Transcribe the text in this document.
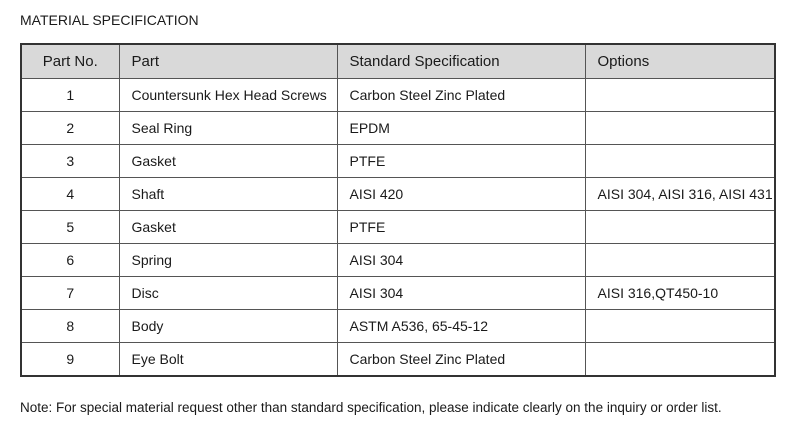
MATERIAL SPECIFICATION
Part No.	Part	Standard Specification	Options
1	Countersunk Hex Head Screws	Carbon Steel Zinc Plated	
2	Seal Ring	EPDM	
3	Gasket	PTFE	
4	Shaft	AISI 420	AISI 304, AISI 316, AISI 431
5	Gasket	PTFE	
6	Spring	AISI 304	
7	Disc	AISI 304	AISI 316,QT450-10
8	Body	ASTM A536, 65-45-12	
9	Eye Bolt	Carbon Steel Zinc Plated	
Note: For special material request other than standard specification, please indicate clearly on the inquiry or order list.
